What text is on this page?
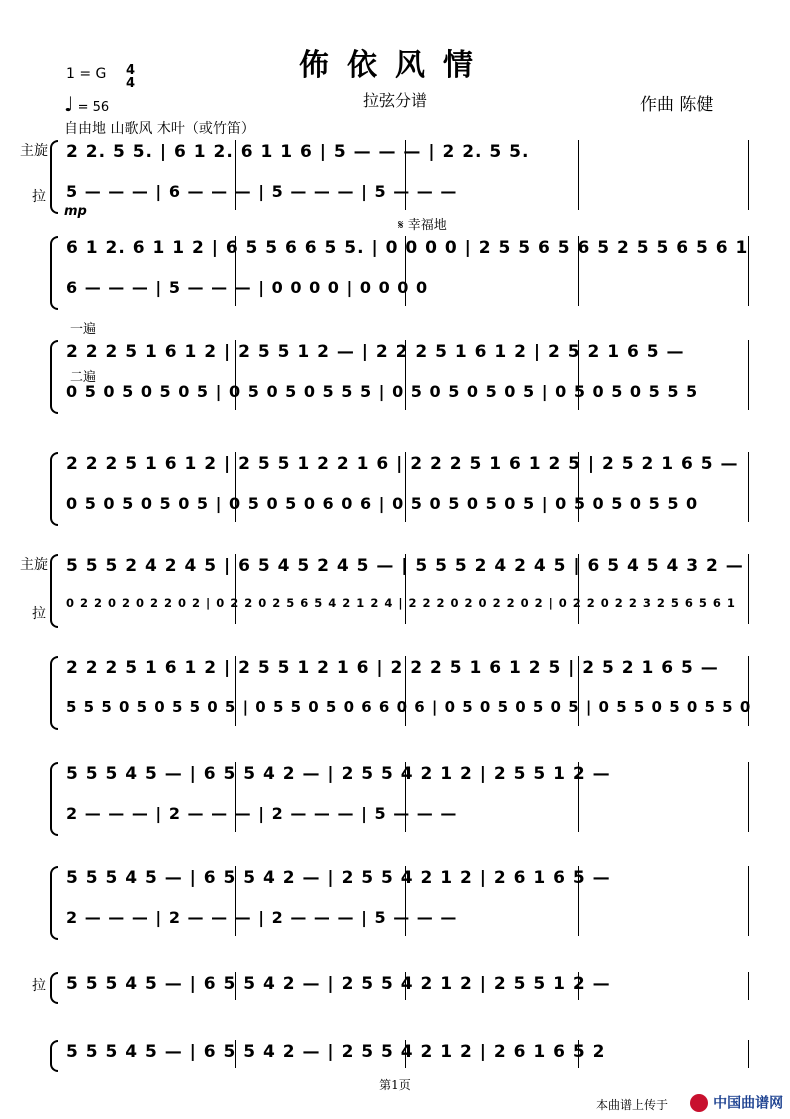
佈依风情
拉弦分谱	作曲 陈健
1 = G 4
4
♩ = 56
自由地 山歌风 木叶（或竹笛）
主旋
拉
主旋
拉
拉
mp
𝄋 幸福地
一遍
二遍
2 2. 5 5. | 6 1 2. 6 1 1 6 | 5 — — — | 2 2. 5 5.
5 — — — | 6 — — — | 5 — — — | 5 — — —
6 1 2. 6 1 1 2 | 6 5 5 6 6 5 5. | 0 0 0 0 | 2 5 5 6 5 6 5 2 5 5 6 5 6 1
6 — — — | 5 — — — | 0 0 0 0 | 0 0 0 0
2 2 2 5 1 6 1 2 | 2 5 5 1 2 — | 2 2 2 5 1 6 1 2 | 2 5 2 1 6 5 —
0 5 0 5 0 5 0 5 | 0 5 0 5 0 5 5 5 | 0 5 0 5 0 5 0 5 | 0 5 0 5 0 5 5 5
2 2 2 5 1 6 1 2 | 2 5 5 1 2 2 1 6 | 2 2 2 5 1 6 1 2 5 | 2 5 2 1 6 5 —
0 5 0 5 0 5 0 5 | 0 5 0 5 0 6 0 6 | 0 5 0 5 0 5 0 5 | 0 5 0 5 0 5 5 0
5 5 5 2 4 2 4 5 | 6 5 4 5 2 4 5 — | 5 5 5 2 4 2 4 5 | 6 5 4 5 4 3 2 —
0 2 2 0 2 0 2 2 0 2 | 0 2 2 0 2 5 6 5 4 2 1 2 4 | 2 2 2 0 2 0 2 2 0 2 | 0 2 2 0 2 2 3 2 5 6 5 6 1
2 2 2 5 1 6 1 2 | 2 5 5 1 2 1 6 | 2 2 2 5 1 6 1 2 5 | 2 5 2 1 6 5 —
5 5 5 0 5 0 5 5 0 5 | 0 5 5 0 5 0 6 6 0 6 | 0 5 0 5 0 5 0 5 | 0 5 5 0 5 0 5 5 0
5 5 5 4 5 — | 6 5 5 4 2 — | 2 5 5 4 2 1 2 | 2 5 5 1 2 —
2 — — — | 2 — — — | 2 — — — | 5 — — —
5 5 5 4 5 — | 6 5 5 4 2 — | 2 5 5 4 2 1 2 | 2 6 1 6 5 —
2 — — — | 2 — — — | 2 — — — | 5 — — —
5 5 5 4 5 — | 6 5 5 4 2 — | 2 5 5 4 2 1 2 | 2 5 5 1 2 —
5 5 5 4 5 — | 6 5 5 4 2 — | 2 5 5 4 2 1 2 | 2 6 1 6 5 2
第1页
本曲谱上传于	中国曲谱网
